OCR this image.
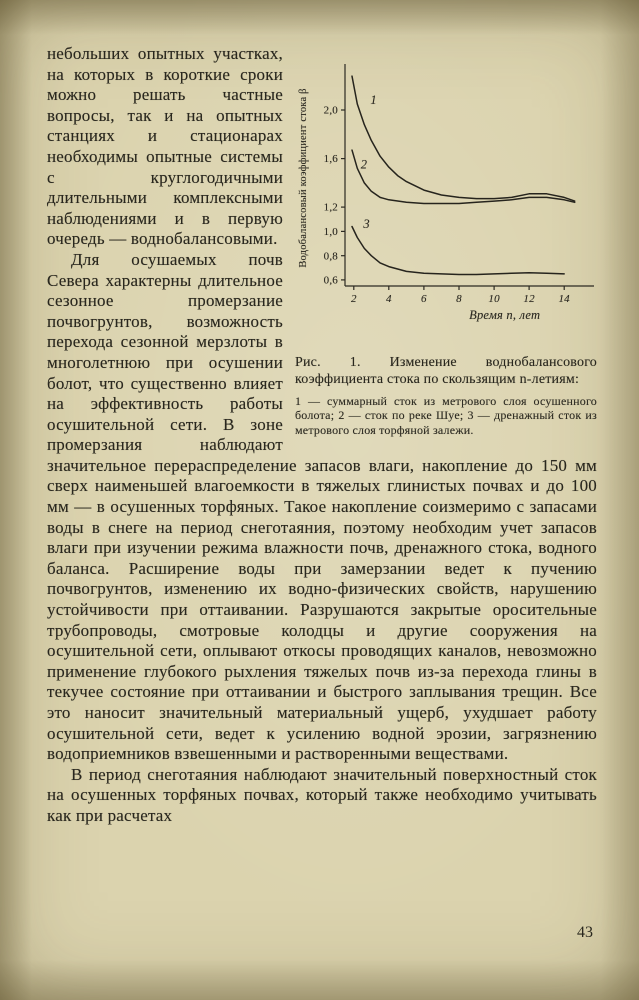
2,0
1,6
1,2
1,0
0,8
0,6
2	4	6	8 10 12 14
Водобалансовый коэффициент стока β
Время n, лет
1
2
3
Рис. 1. Изменение воднобалансового коэффициента стока по скользящим n-летиям:
1 — суммарный сток из метрового слоя осушенного болота; 2 — сток по реке Шуе; 3 — дренажный сток из метрового слоя торфяной залежи.

небольших опытных участках, на которых в короткие сроки можно решать частные вопросы, так и на опытных станциях и стационарах необходимы опытные системы с круглогодичными длительными комплексными наблюдениями и в первую очередь — воднобалансовыми.

Для осушаемых почв Севера характерны длительное сезонное промерзание почвогрунтов, возможность перехода сезонной мерзлоты в многолетнюю при осушении болот, что существенно влияет на эффективность работы осушительной сети. В зоне промерзания наблюдают значительное перераспределение запасов влаги, накопление до 150 мм сверх наименьшей влагоемкости в тяжелых глинистых почвах и до 100 мм — в осушенных торфяных. Такое накопление соизмеримо с запасами воды в снеге на период снеготаяния, поэтому необходим учет запасов влаги при изучении режима влажности почв, дренажного стока, водного баланса. Расширение воды при замерзании ведет к пучению почвогрунтов, изменению их водно-физических свойств, нарушению устойчивости при оттаивании. Разрушаются закрытые оросительные трубопроводы, смотровые колодцы и другие сооружения на осушительной сети, оплывают откосы проводящих каналов, невозможно применение глубокого рыхления тяжелых почв из-за перехода глины в текучее состояние при оттаивании и быстрого заплывания трещин. Все это наносит значительный материальный ущерб, ухудшает работу осушительной сети, ведет к усилению водной эрозии, загрязнению водоприемников взвешенными и растворенными веществами.

В период снеготаяния наблюдают значительный поверхностный сток на осушенных торфяных почвах, который также необходимо учитывать как при расчетах

43
